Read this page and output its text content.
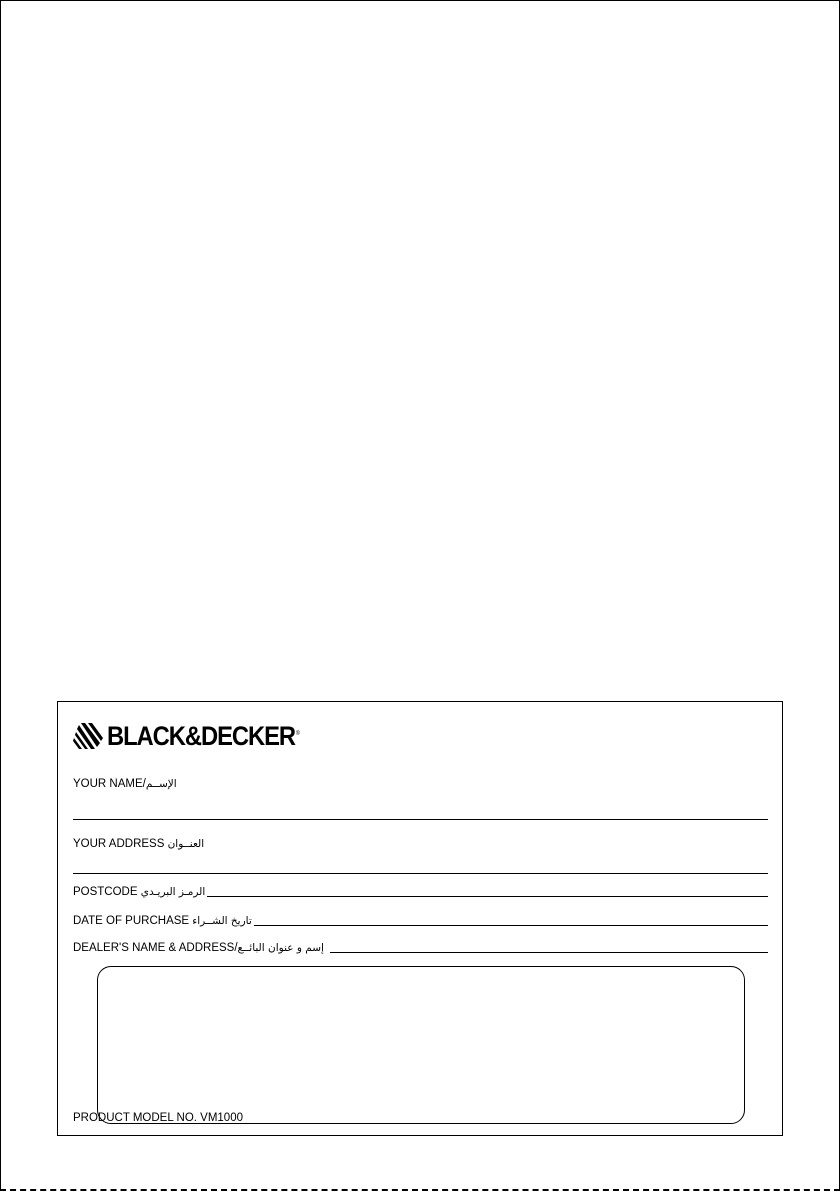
BLACK&DECKER®
YOUR NAME/ الإســم
YOUR ADDRESS
العنــوان
POSTCODE
الرمـز البريـدي
DATE OF PURCHASE
تاريخ الشــراء
DEALER'S NAME & ADDRESS/ إسم و عنوان البائــع
PRODUCT MODEL NO. VM1000
